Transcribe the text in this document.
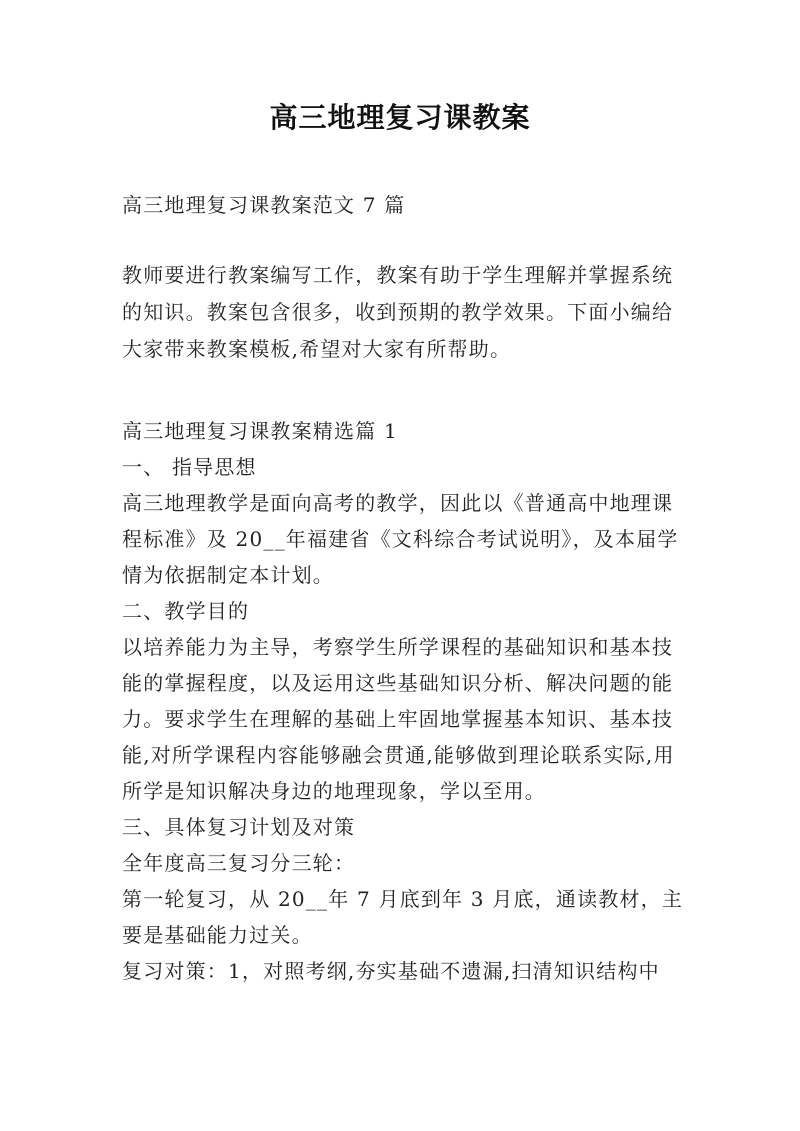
高三地理复习课教案
高三地理复习课教案范文 7 篇
教师要进行教案编写工作，教案有助于学生理解并掌握系统的知识。教案包含很多，收到预期的教学效果。下面小编给大家带来教案模板,希望对大家有所帮助。

高三地理复习课教案精选篇 1

一、 指导思想

高三地理教学是面向高考的教学，因此以《普通高中地理课程标准》及 20__年福建省《文科综合考试说明》，及本届学情为依据制定本计划。

二、教学目的

以培养能力为主导，考察学生所学课程的基础知识和基本技能的掌握程度，以及运用这些基础知识分析、解决问题的能力。要求学生在理解的基础上牢固地掌握基本知识、基本技能,对所学课程内容能够融会贯通,能够做到理论联系实际,用所学是知识解决身边的地理现象，学以至用。

三、具体复习计划及对策

全年度高三复习分三轮：

第一轮复习，从 20__年 7 月底到年 3 月底，通读教材，主要是基础能力过关。

复习对策：1，对照考纲,夯实基础不遗漏,扫清知识结构中
